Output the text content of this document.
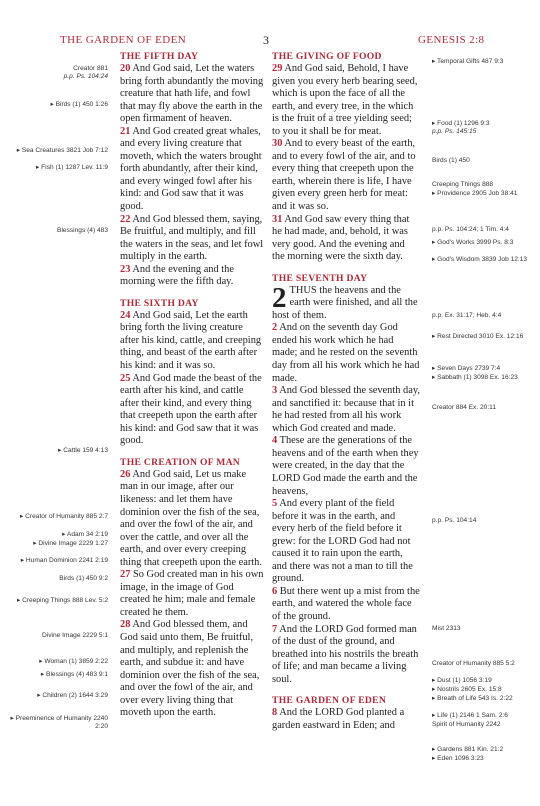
THE GARDEN OF EDEN	3	GENESIS 2:8
Creator 881
p.p. Ps. 104:24
▸ Birds (1) 450 1:26
▸ Sea Creatures 3821 Job 7:12
▸ Fish (1) 1287 Lev. 11:9
Blessings (4) 483
▸ Cattle 159 4:13
▸ Creator of Humanity 885 2:7
▸ Adam 34 2:19
▸ Divine Image 2229 1:27
▸ Human Dominion 2241 2:19
Birds (1) 450 9:2
▸ Creeping Things 888 Lev. 5:2
Divine Image 2229 5:1
▸ Woman (1) 3859 2:22
▸ Blessings (4) 483 9:1
▸ Children (2) 1644 3:29
▸ Preeminence of Humanity 2240 2:20

THE FIFTH DAY

20 And God said, Let the waters bring forth abundantly the moving creature that hath life, and fowl that may fly above the earth in the open firmament of heaven.

21 And God created great whales, and every living creature that moveth, which the waters brought forth abundantly, after their kind, and every winged fowl after his kind: and God saw that it was good.

22 And God blessed them, saying, Be fruitful, and multiply, and fill the waters in the seas, and let fowl multiply in the earth.

23 And the evening and the morning were the fifth day.

THE SIXTH DAY

24 And God said, Let the earth bring forth the living creature after his kind, cattle, and creeping thing, and beast of the earth after his kind: and it was so.

25 And God made the beast of the earth after his kind, and cattle after their kind, and every thing that creepeth upon the earth after his kind: and God saw that it was good.

THE CREATION OF MAN

26 And God said, Let us make man in our image, after our likeness: and let them have dominion over the fish of the sea, and over the fowl of the air, and over the cattle, and over all the earth, and over every creeping thing that creepeth upon the earth.

27 So God created man in his own image, in the image of God created he him; male and female created he them.

28 And God blessed them, and God said unto them, Be fruitful, and multiply, and replenish the earth, and subdue it: and have dominion over the fish of the sea, and over the fowl of the air, and over every living thing that moveth upon the earth.

THE GIVING OF FOOD

29 And God said, Behold, I have given you every herb bearing seed, which is upon the face of all the earth, and every tree, in the which is the fruit of a tree yielding seed; to you it shall be for meat.

30 And to every beast of the earth, and to every fowl of the air, and to every thing that creepeth upon the earth, wherein there is life, I have given every green herb for meat: and it was so.

31 And God saw every thing that he had made, and, behold, it was very good. And the evening and the morning were the sixth day.

THE SEVENTH DAY

2 THUS the heavens and the earth were finished, and all the host of them.

2 And on the seventh day God ended his work which he had made; and he rested on the seventh day from all his work which he had made.

3 And God blessed the seventh day, and sanctified it: because that in it he had rested from all his work which God created and made.

4 These are the generations of the heavens and of the earth when they were created, in the day that the LORD God made the earth and the heavens,

5 And every plant of the field before it was in the earth, and every herb of the field before it grew: for the LORD God had not caused it to rain upon the earth, and there was not a man to till the ground.

6 But there went up a mist from the earth, and watered the whole face of the ground.

7 And the LORD God formed man of the dust of the ground, and breathed into his nostrils the breath of life; and man became a living soul.

THE GARDEN OF EDEN

8 And the LORD God planted a garden eastward in Eden; and

▸ Temporal Gifts 487 9:3
▸ Food (1) 1296 9:3
p.p. Ps. 145:15
Birds (1) 450
Creeping Things 888
▸ Providence 2905 Job 38:41
p.p. Ps. 104:24; 1 Tim. 4:4
▸ God's Works 3999 Ps. 8:3
▸ God's Wisdom 3839 Job 12:13
p.p. Ex. 31:17; Heb. 4:4
▸ Rest Directed 3010 Ex. 12:16
▸ Seven Days 2739 7:4
▸ Sabbath (1) 3098 Ex. 16:23
Creator 884 Ex. 20:11
p.p. Ps. 104:14
Mist 2313
Creator of Humanity 885 5:2
▸ Dust (1) 1056 3:19
▸ Nostrils 2605 Ex. 15:8
▸ Breath of Life 543 Is. 2:22
▸ Life (1) 2146 1 Sam. 2:6
Spirit of Humanity 2242
▸ Gardens 881 Kin. 21:2
▸ Eden 1096 3:23
